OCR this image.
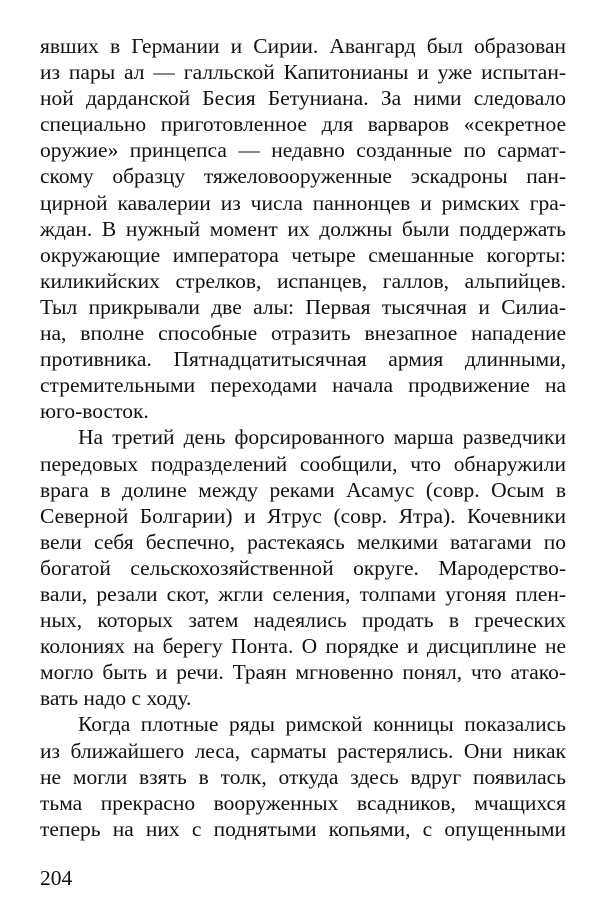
явших в Германии и Сирии. Авангард был образован
из пары ал — галльской Капитонианы и уже испытан-
ной дарданской Бесия Бетуниана. За ними следовало
специально приготовленное для варваров «секретное
оружие» принцепса — недавно созданные по сармат-
скому образцу тяжеловооруженные эскадроны пан-
цирной кавалерии из числа паннонцев и римских гра-
ждан. В нужный момент их должны были поддержать
окружающие императора четыре смешанные когорты:
киликийских стрелков, испанцев, галлов, альпийцев.
Тыл прикрывали две алы: Первая тысячная и Силиа-
на, вполне способные отразить внезапное нападение
противника. Пятнадцатитысячная армия длинными,
стремительными переходами начала продвижение на
юго-восток.
На третий день форсированного марша разведчики
передовых подразделений сообщили, что обнаружили
врага в долине между реками Асамус (совр. Осым в
Северной Болгарии) и Ятрус (совр. Ятра). Кочевники
вели себя беспечно, растекаясь мелкими ватагами по
богатой сельскохозяйственной округе. Мародерство-
вали, резали скот, жгли селения, толпами угоняя плен-
ных, которых затем надеялись продать в греческих
колониях на берегу Понта. О порядке и дисциплине не
могло быть и речи. Траян мгновенно понял, что атако-
вать надо с ходу.
Когда плотные ряды римской конницы показались
из ближайшего леса, сарматы растерялись. Они никак
не могли взять в толк, откуда здесь вдруг появилась
тьма прекрасно вооруженных всадников, мчащихся
теперь на них с поднятыми копьями, с опущенными
204
